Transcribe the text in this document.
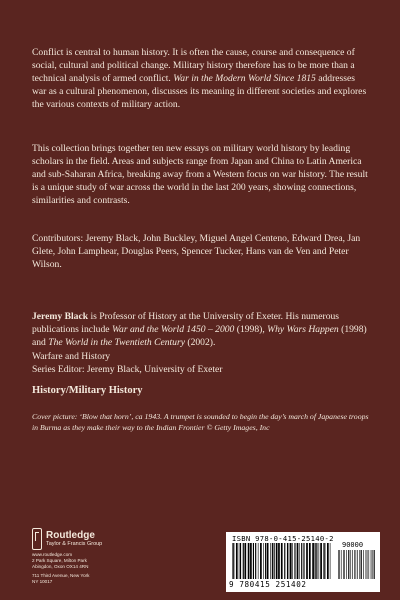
Conflict is central to human history. It is often the cause, course and consequence of social, cultural and political change. Military history therefore has to be more than a technical analysis of armed conflict. War in the Modern World Since 1815 addresses war as a cultural phenomenon, discusses its meaning in different societies and explores the various contexts of military action.
This collection brings together ten new essays on military world history by leading scholars in the field. Areas and subjects range from Japan and China to Latin America and sub-Saharan Africa, breaking away from a Western focus on war history. The result is a unique study of war across the world in the last 200 years, showing connections, similarities and contrasts.
Contributors: Jeremy Black, John Buckley, Miguel Angel Centeno, Edward Drea, Jan Glete, John Lamphear, Douglas Peers, Spencer Tucker, Hans van de Ven and Peter Wilson.
Jeremy Black is Professor of History at the University of Exeter. His numerous publications include War and the World 1450 – 2000 (1998), Why Wars Happen (1998) and The World in the Twentieth Century (2002).
Warfare and History
Series Editor: Jeremy Black, University of Exeter
History/Military History
Cover picture: ‘Blow that horn’, ca 1943. A trumpet is sounded to begin the day’s march of Japanese troops in Burma as they make their way to the Indian Frontier © Getty Images, Inc
Routledge
Taylor & Francis Group
www.routledge.com
2 Park Square, Milton Park
Abingdon, Oxon OX14 4RN
711 Third Avenue, New York
NY 10017
ISBN 978-0-415-25140-2
90000
9 780415 251402
